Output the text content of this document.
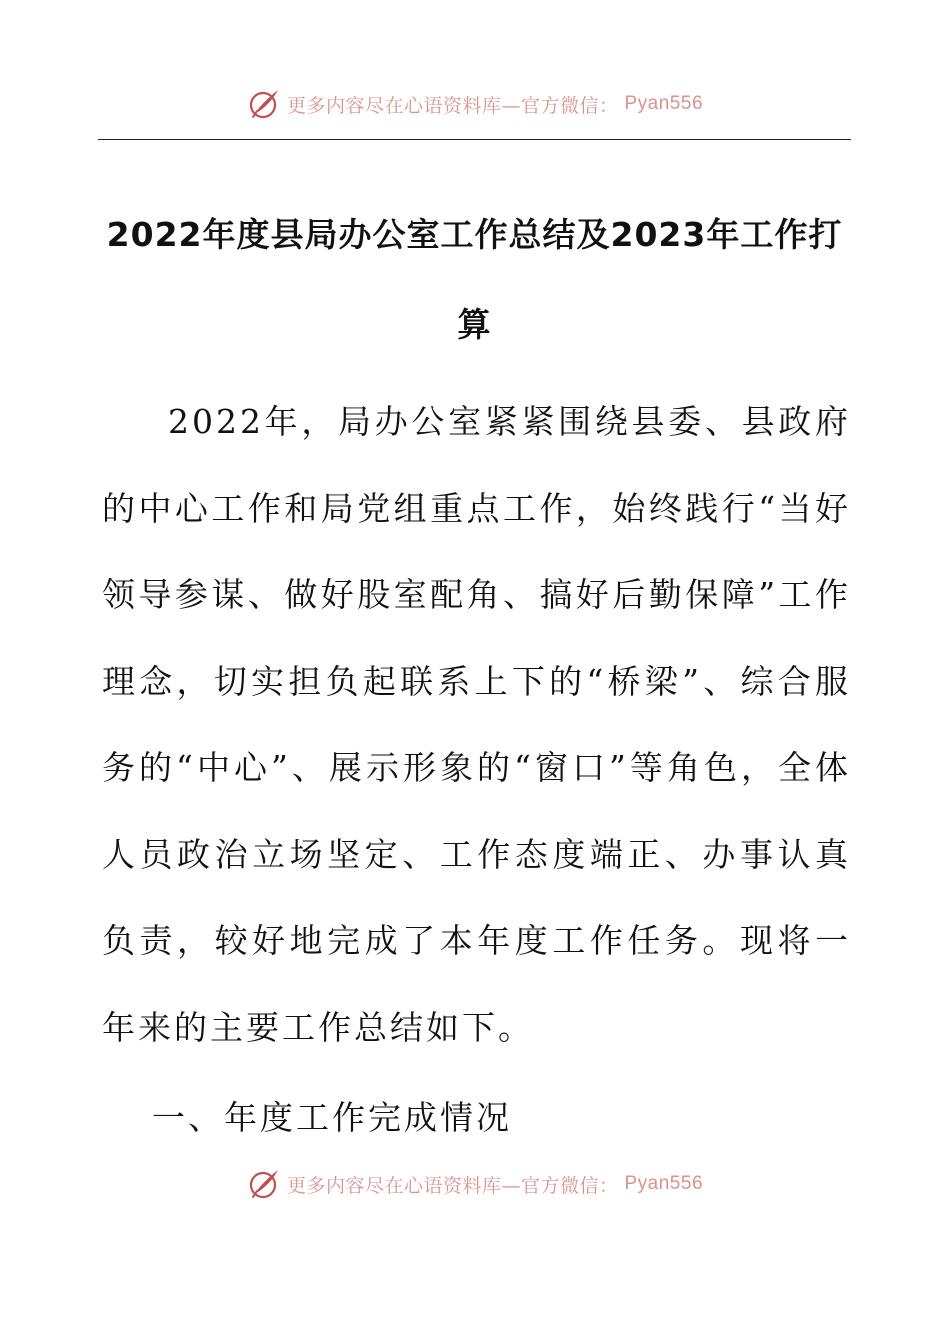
更多内容尽在心语资料库—官方微信： Pyan556
2022年度县局办公室工作总结及2023年工作打算

2022年，局办公室紧紧围绕县委、县政府的中心工作和局党组重点工作，始终践行“当好领导参谋、做好股室配角、搞好后勤保障”工作理念，切实担负起联系上下的“桥梁”、综合服务的“中心”、展示形象的“窗口”等角色，全体人员政治立场坚定、工作态度端正、办事认真负责，较好地完成了本年度工作任务。现将一年来的主要工作总结如下。

一、年度工作完成情况
更多内容尽在心语资料库—官方微信： Pyan556
